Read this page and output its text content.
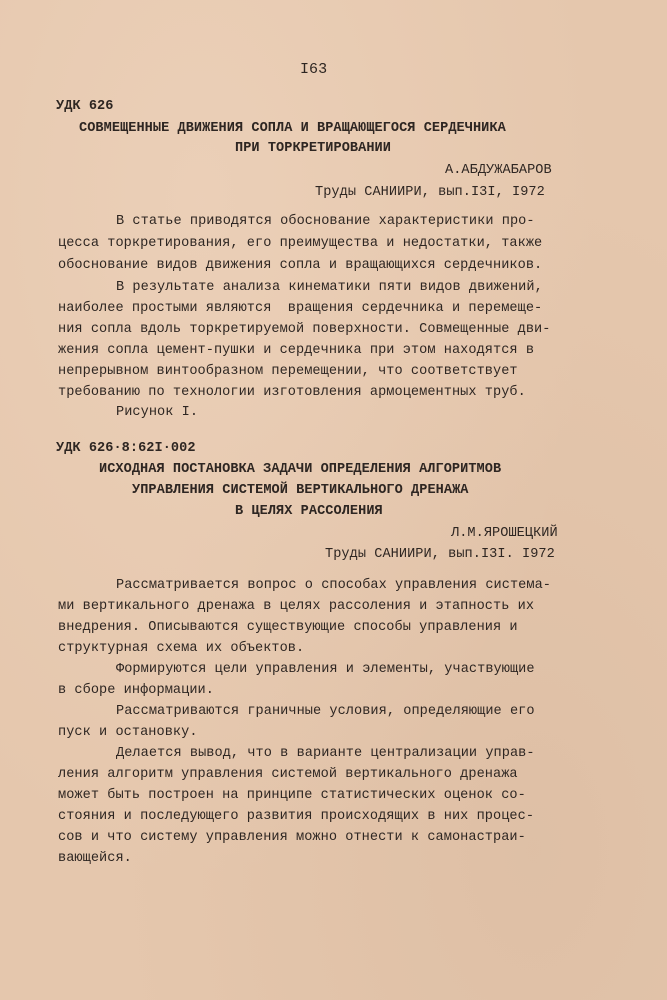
I63
УДК 626
СОВМЕЩЕННЫЕ ДВИЖЕНИЯ СОПЛА И ВРАЩАЮЩЕГОСЯ СЕРДЕЧНИКА
ПРИ ТОРКРЕТИРОВАНИИ
А.АБДУЖАБАРОВ
Труды САНИИРИ, вып.I3I, I972
В статье приводятся обоснование характеристики про-
цесса торкретирования, его преимущества и недостатки, также
обоснование видов движения сопла и вращающихся сердечников.
В результате анализа кинематики пяти видов движений,
наиболее простыми являются  вращения сердечника и перемеще-
ния сопла вдоль торкретируемой поверхности. Совмещенные дви-
жения сопла цемент-пушки и сердечника при этом находятся в
непрерывном винтообразном перемещении, что соответствует
требованию по технологии изготовления армоцементных труб.
Рисунок I.
УДК 626·8:62I·002
ИСХОДНАЯ ПОСТАНОВКА ЗАДАЧИ ОПРЕДЕЛЕНИЯ АЛГОРИТМОВ
УПРАВЛЕНИЯ СИСТЕМОЙ ВЕРТИКАЛЬНОГО ДРЕНАЖА
В ЦЕЛЯХ РАССОЛЕНИЯ
Л.М.ЯРОШЕЦКИЙ
Труды САНИИРИ, вып.I3I. I972
Рассматривается вопрос о способах управления системa-
ми вертикального дренажа в целях рассоления и этапность их
внедрения. Описываются существующие способы управления и
структурная схема их объектов.
Формируются цели управления и элементы, участвующие
в сборе информации.
Рассматриваются граничные условия, определяющие его
пуск и остановку.
Делается вывод, что в варианте централизации управ-
ления алгоритм управления системой вертикального дренажа
может быть построен на принципе статистических оценок со-
стояния и последующего развития происходящих в них процес-
сов и что систему управления можно отнести к самонастраи-
вающейся.
